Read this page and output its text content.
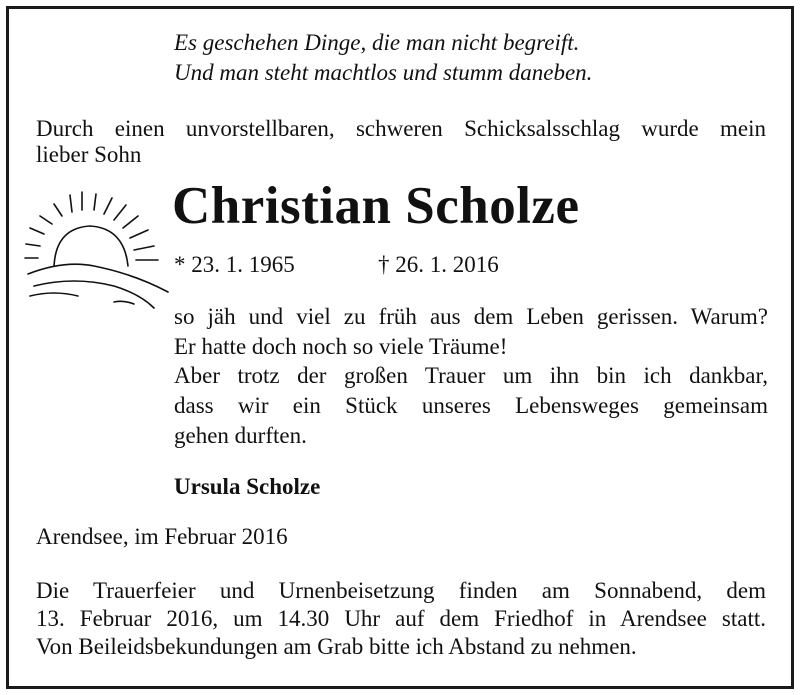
Es geschehen Dinge, die man nicht begreift.
Und man steht machtlos und stumm daneben.
Durch einen unvorstellbaren, schweren Schicksalsschlag wurde mein
lieber Sohn
Christian Scholze
* 23. 1. 1965	† 26. 1. 2016
so jäh und viel zu früh aus dem Leben gerissen. Warum?
Er hatte doch noch so viele Träume!
Aber trotz der großen Trauer um ihn bin ich dankbar,
dass wir ein Stück unseres Lebensweges gemeinsam
gehen durften.
Ursula Scholze
Arendsee, im Februar 2016
Die Trauerfeier und Urnenbeisetzung finden am Sonnabend, dem
13. Februar 2016, um 14.30 Uhr auf dem Friedhof in Arendsee statt.
Von Beileidsbekundungen am Grab bitte ich Abstand zu nehmen.
